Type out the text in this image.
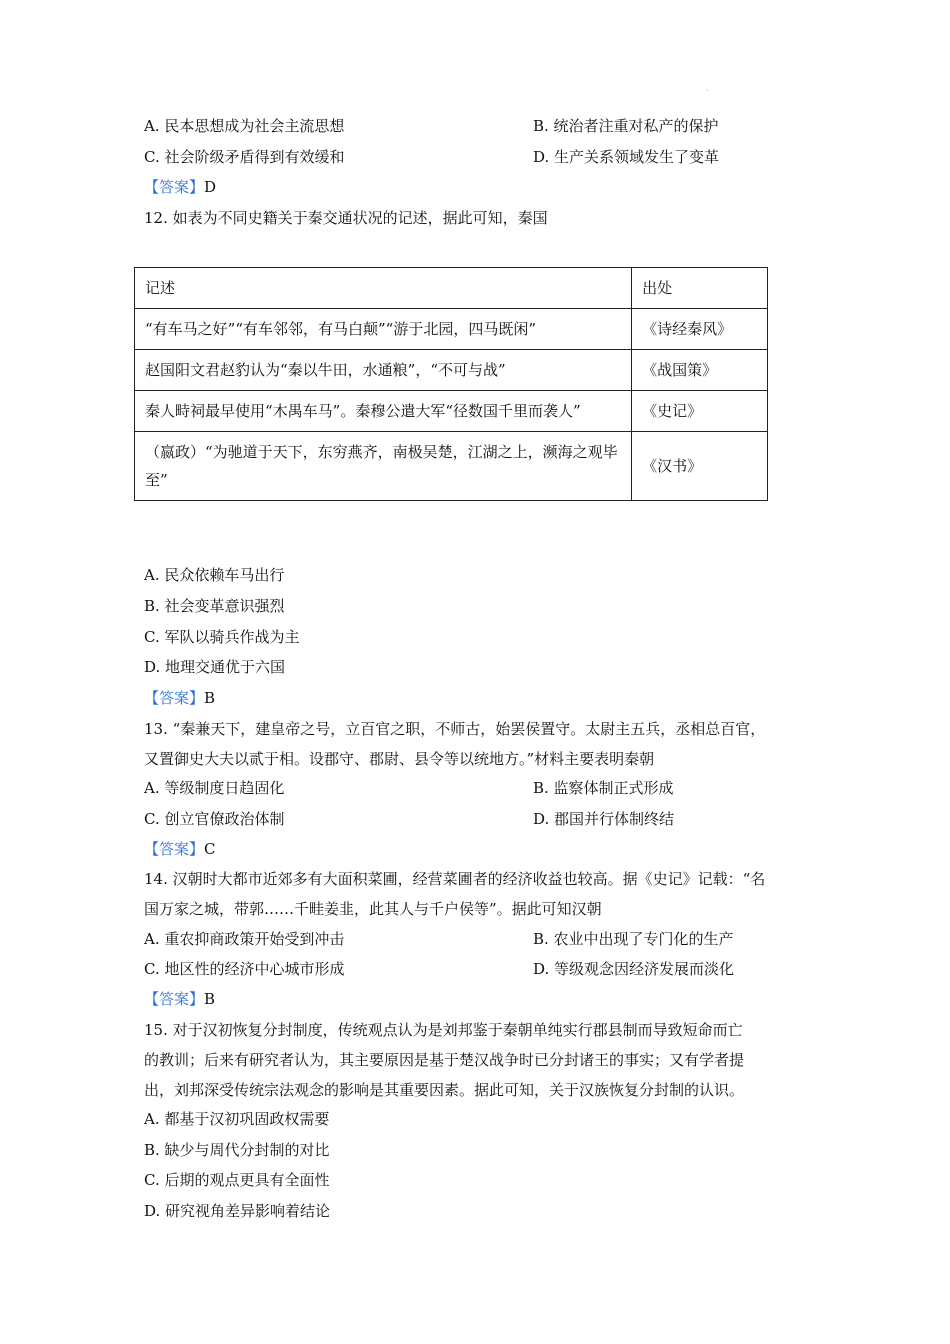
ˎ
A. 民本思想成为社会主流思想	B. 统治者注重对私产的保护
C. 社会阶级矛盾得到有效缓和	D. 生产关系领域发生了变革
【答案】D
12. 如表为不同史籍关于秦交通状况的记述，据此可知，秦国
记述	出处
“有车马之好”“有车邻邻，有马白颠”“游于北园，四马既闲”	《诗经秦风》
赵国阳文君赵豹认为“秦以牛田，水通粮”，“不可与战”	《战国策》
秦人畤祠最早使用“木禺车马”。秦穆公遣大军“径数国千里而袭人”	《史记》
（嬴政）“为驰道于天下，东穷燕齐，南极吴楚，江湖之上，濒海之观毕至”	《汉书》
A. 民众依赖车马出行
B. 社会变革意识强烈
C. 军队以骑兵作战为主
D. 地理交通优于六国
【答案】B
13. “秦兼天下，建皇帝之号，立百官之职，不师古，始罢侯置守。太尉主五兵，丞相总百官，
又置御史大夫以贰于相。设郡守、郡尉、县令等以统地方。”材料主要表明秦朝
A. 等级制度日趋固化	B. 监察体制正式形成
C. 创立官僚政治体制	D. 郡国并行体制终结
【答案】C
14. 汉朝时大都市近郊多有大面积菜圃，经营菜圃者的经济收益也较高。据《史记》记载：“名
国万家之城，带郭……千畦姜韭，此其人与千户侯等”。据此可知汉朝
A. 重农抑商政策开始受到冲击	B. 农业中出现了专门化的生产
C. 地区性的经济中心城市形成	D. 等级观念因经济发展而淡化
【答案】B
15. 对于汉初恢复分封制度，传统观点认为是刘邦鉴于秦朝单纯实行郡县制而导致短命而亡
的教训；后来有研究者认为，其主要原因是基于楚汉战争时已分封诸王的事实；又有学者提
出，刘邦深受传统宗法观念的影响是其重要因素。据此可知，关于汉族恢复分封制的认识。
A. 都基于汉初巩固政权需要
B. 缺少与周代分封制的对比
C. 后期的观点更具有全面性
D. 研究视角差异影响着结论
